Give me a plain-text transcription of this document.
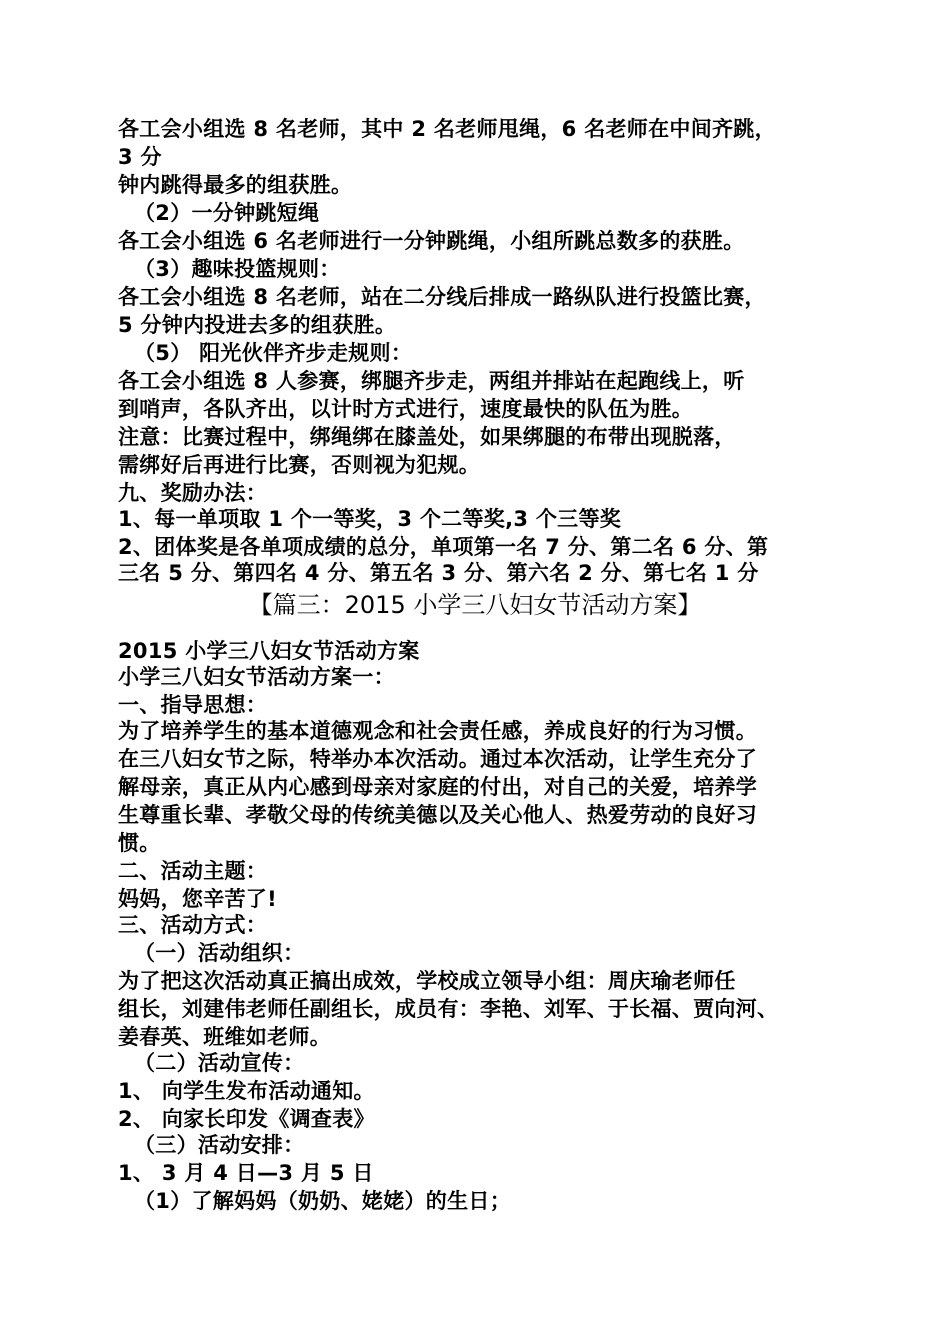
各工会小组选 8 名老师，其中 2 名老师甩绳，6 名老师在中间齐跳，
3 分
钟内跳得最多的组获胜。
（2）一分钟跳短绳
各工会小组选 6 名老师进行一分钟跳绳，小组所跳总数多的获胜。
（3）趣味投篮规则：
各工会小组选 8 名老师，站在二分线后排成一路纵队进行投篮比赛，
5 分钟内投进去多的组获胜。
（5） 阳光伙伴齐步走规则：
各工会小组选 8 人参赛，绑腿齐步走，两组并排站在起跑线上，听
到哨声，各队齐出，以计时方式进行，速度最快的队伍为胜。
注意：比赛过程中，绑绳绑在膝盖处，如果绑腿的布带出现脱落，
需绑好后再进行比赛，否则视为犯规。
九、奖励办法：
1、每一单项取 1 个一等奖，3 个二等奖,3 个三等奖
2、团体奖是各单项成绩的总分，单项第一名 7 分、第二名 6 分、第
三名 5 分、第四名 4 分、第五名 3 分、第六名 2 分、第七名 1 分
【篇三：2015 小学三八妇女节活动方案】
2015 小学三八妇女节活动方案
小学三八妇女节活动方案一：
一、指导思想：
为了培养学生的基本道德观念和社会责任感，养成良好的行为习惯。
在三八妇女节之际，特举办本次活动。通过本次活动，让学生充分了
解母亲，真正从内心感到母亲对家庭的付出，对自己的关爱，培养学
生尊重长辈、孝敬父母的传统美德以及关心他人、热爱劳动的良好习
惯。
二、活动主题：
妈妈，您辛苦了!
三、活动方式：
（一）活动组织：
为了把这次活动真正搞出成效，学校成立领导小组：周庆瑜老师任
组长，刘建伟老师任副组长，成员有：李艳、刘军、于长福、贾向河、
姜春英、班维如老师。
（二）活动宣传：
1、 向学生发布活动通知。
2、 向家长印发《调查表》
（三）活动安排：
1、 3 月 4 日—3 月 5 日
（1）了解妈妈（奶奶、姥姥）的生日；
